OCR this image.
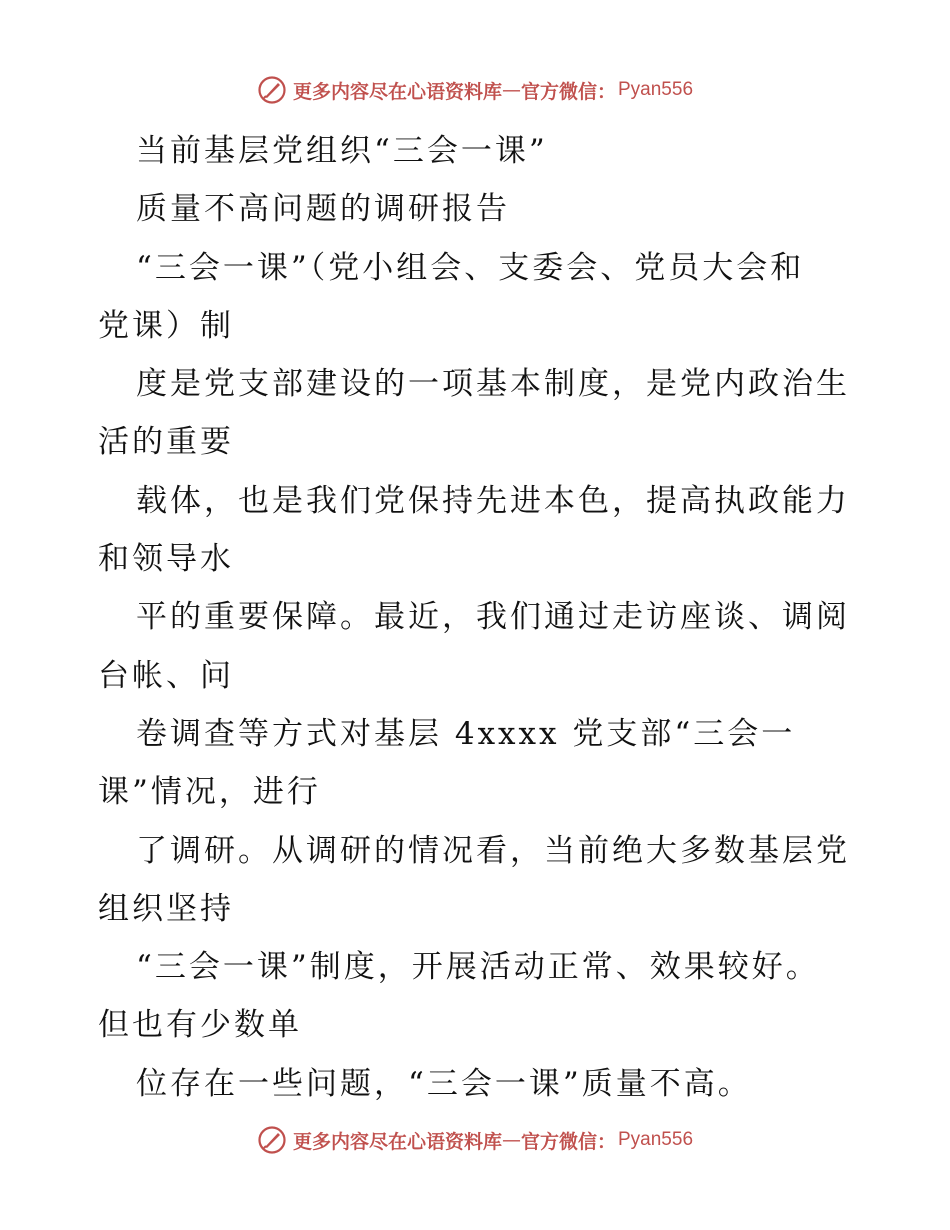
更多内容尽在心语资料库 — 官方微信： Pyan556
当前基层党组织“三会一课”
质量不高问题的调研报告
“三会一课”（党小组会、支委会、党员大会和
党课）制
度是党支部建设的一项基本制度，是党内政治生
活的重要
载体，也是我们党保持先进本色，提高执政能力
和领导水
平的重要保障。最近，我们通过走访座谈、调阅
台帐、问
卷调查等方式对基层 4xxxx 党支部“三会一
课”情况，进行
了调研。从调研的情况看，当前绝大多数基层党
组织坚持
“三会一课”制度，开展活动正常、效果较好。
但也有少数单
位存在一些问题，“三会一课”质量不高。
更多内容尽在心语资料库 — 官方微信： Pyan556
